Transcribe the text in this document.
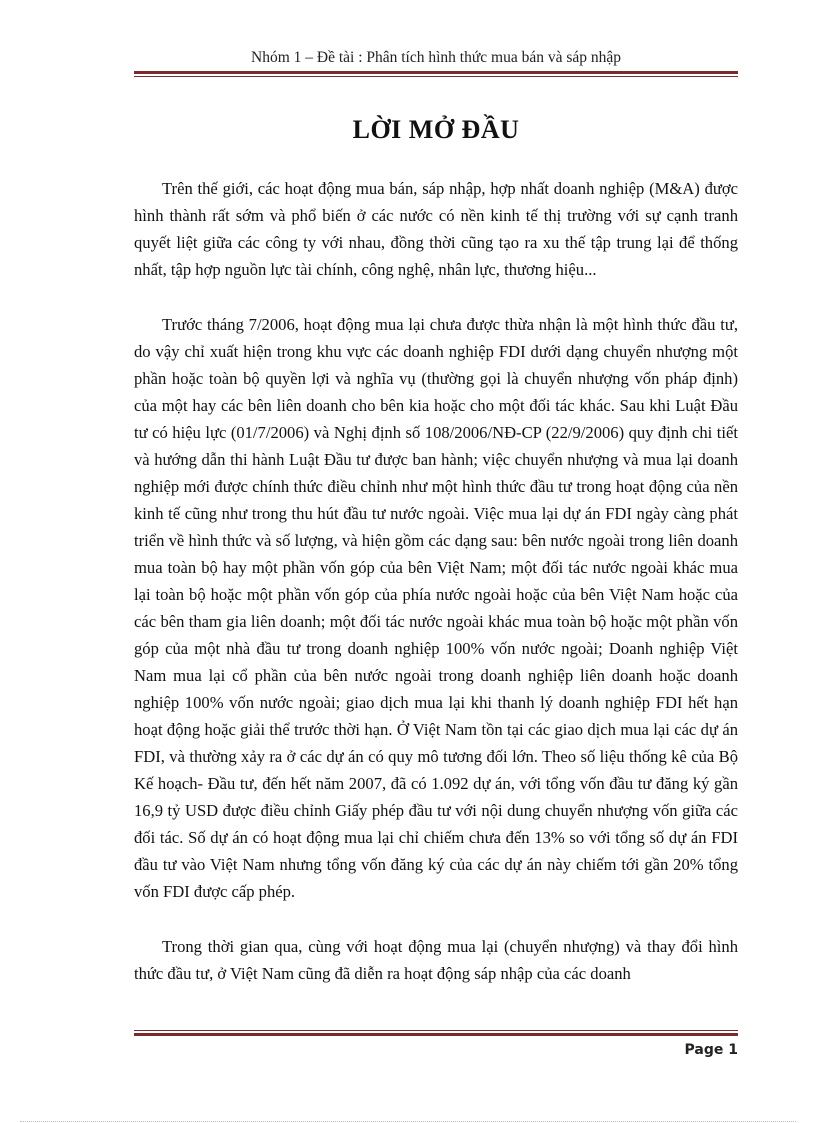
Nhóm 1 – Đề tài : Phân tích hình thức mua bán và sáp nhập
LỜI MỞ ĐẦU

Trên thế giới, các hoạt động mua bán, sáp nhập, hợp nhất doanh nghiệp (M&A) được hình thành rất sớm và phổ biến ở các nước có nền kinh tế thị trường với sự cạnh tranh quyết liệt giữa các công ty với nhau, đồng thời cũng tạo ra xu thế tập trung lại để thống nhất, tập hợp nguồn lực tài chính, công nghệ, nhân lực, thương hiệu...

Trước tháng 7/2006, hoạt động mua lại chưa được thừa nhận là một hình thức đầu tư, do vậy chỉ xuất hiện trong khu vực các doanh nghiệp FDI dưới dạng chuyển nhượng một phần hoặc toàn bộ quyền lợi và nghĩa vụ (thường gọi là chuyển nhượng vốn pháp định) của một hay các bên liên doanh cho bên kia hoặc cho một đối tác khác. Sau khi Luật Đầu tư có hiệu lực (01/7/2006) và Nghị định số 108/2006/NĐ-CP (22/9/2006) quy định chi tiết và hướng dẫn thi hành Luật Đầu tư được ban hành; việc chuyển nhượng và mua lại doanh nghiệp mới được chính thức điều chỉnh như một hình thức đầu tư trong hoạt động của nền kinh tế cũng như trong thu hút đầu tư nước ngoài. Việc mua lại dự án FDI ngày càng phát triển về hình thức và số lượng, và hiện gồm các dạng sau: bên nước ngoài trong liên doanh mua toàn bộ hay một phần vốn góp của bên Việt Nam; một đối tác nước ngoài khác mua lại toàn bộ hoặc một phần vốn góp của phía nước ngoài hoặc của bên Việt Nam hoặc của các bên tham gia liên doanh; một đối tác nước ngoài khác mua toàn bộ hoặc một phần vốn góp của một nhà đầu tư trong doanh nghiệp 100% vốn nước ngoài; Doanh nghiệp Việt Nam mua lại cổ phần của bên nước ngoài trong doanh nghiệp liên doanh hoặc doanh nghiệp 100% vốn nước ngoài; giao dịch mua lại khi thanh lý doanh nghiệp FDI hết hạn hoạt động hoặc giải thể trước thời hạn. Ở Việt Nam tồn tại các giao dịch mua lại các dự án FDI, và thường xảy ra ở các dự án có quy mô tương đối lớn. Theo số liệu thống kê của Bộ Kế hoạch- Đầu tư, đến hết năm 2007, đã có 1.092 dự án, với tổng vốn đầu tư đăng ký gần 16,9 tỷ USD được điều chỉnh Giấy phép đầu tư với nội dung chuyển nhượng vốn giữa các đối tác. Số dự án có hoạt động mua lại chỉ chiếm chưa đến 13% so với tổng số dự án FDI đầu tư vào Việt Nam nhưng tổng vốn đăng ký của các dự án này chiếm tới gần 20% tổng vốn FDI được cấp phép.

Trong thời gian qua, cùng với hoạt động mua lại (chuyển nhượng) và thay đổi hình thức đầu tư, ở Việt Nam cũng đã diễn ra hoạt động sáp nhập của các doanh

Page 1
